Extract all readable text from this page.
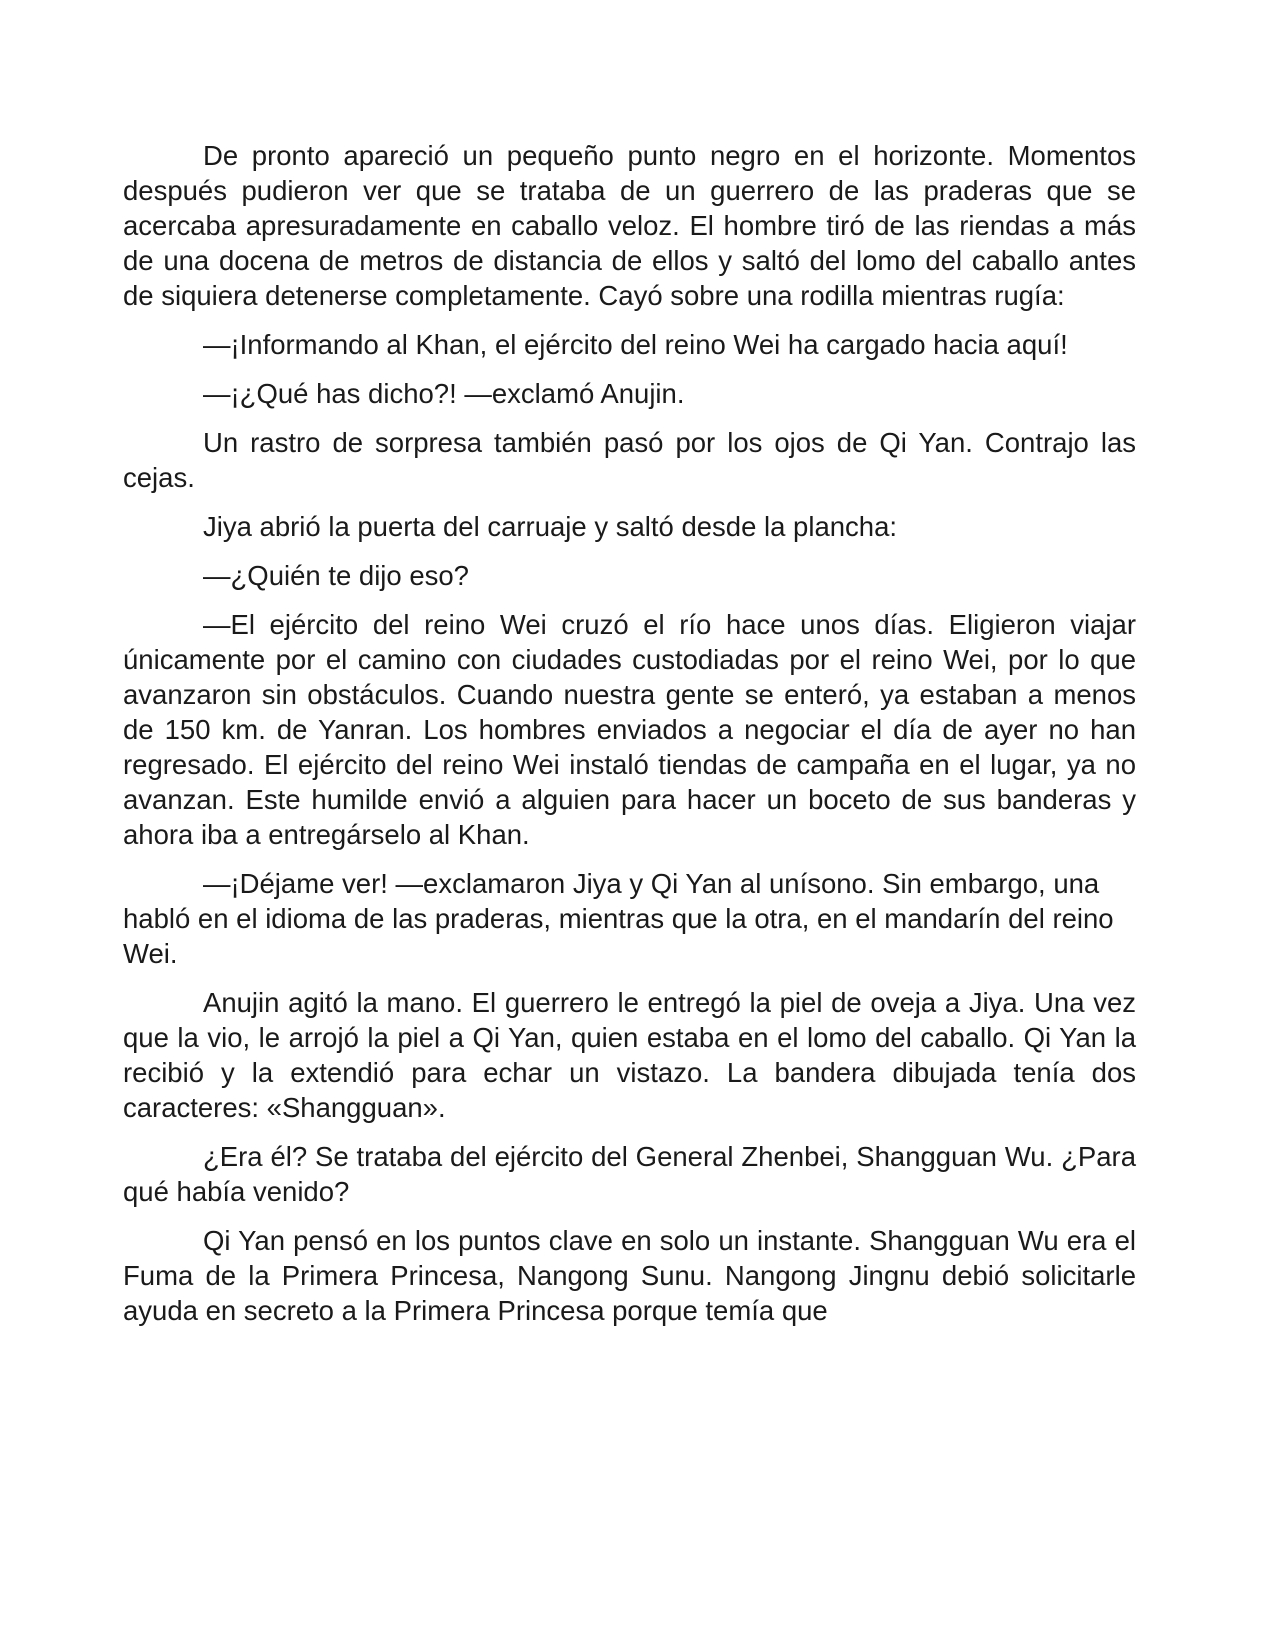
De pronto apareció un pequeño punto negro en el horizonte. Momentos después pudieron ver que se trataba de un guerrero de las praderas que se acercaba apresuradamente en caballo veloz. El hombre tiró de las riendas a más de una docena de metros de distancia de ellos y saltó del lomo del caballo antes de siquiera detenerse completamente. Cayó sobre una rodilla mientras rugía:

—¡Informando al Khan, el ejército del reino Wei ha cargado hacia aquí!

—¡¿Qué has dicho?! —exclamó Anujin.

Un rastro de sorpresa también pasó por los ojos de Qi Yan. Contrajo las cejas.

Jiya abrió la puerta del carruaje y saltó desde la plancha:

—¿Quién te dijo eso?

—El ejército del reino Wei cruzó el río hace unos días. Eligieron viajar únicamente por el camino con ciudades custodiadas por el reino Wei, por lo que avanzaron sin obstáculos. Cuando nuestra gente se enteró, ya estaban a menos de 150 km. de Yanran. Los hombres enviados a negociar el día de ayer no han regresado. El ejército del reino Wei instaló tiendas de campaña en el lugar, ya no avanzan. Este humilde envió a alguien para hacer un boceto de sus banderas y ahora iba a entregárselo al Khan.

—¡Déjame ver! —exclamaron Jiya y Qi Yan al unísono. Sin embargo, una habló en el idioma de las praderas, mientras que la otra, en el mandarín del reino Wei.

Anujin agitó la mano. El guerrero le entregó la piel de oveja a Jiya. Una vez que la vio, le arrojó la piel a Qi Yan, quien estaba en el lomo del caballo. Qi Yan la recibió y la extendió para echar un vistazo. La bandera dibujada tenía dos caracteres: «Shangguan».

¿Era él? Se trataba del ejército del General Zhenbei, Shangguan Wu. ¿Para qué había venido?

Qi Yan pensó en los puntos clave en solo un instante. Shangguan Wu era el Fuma de la Primera Princesa, Nangong Sunu. Nangong Jingnu debió solicitarle ayuda en secreto a la Primera Princesa porque temía que
